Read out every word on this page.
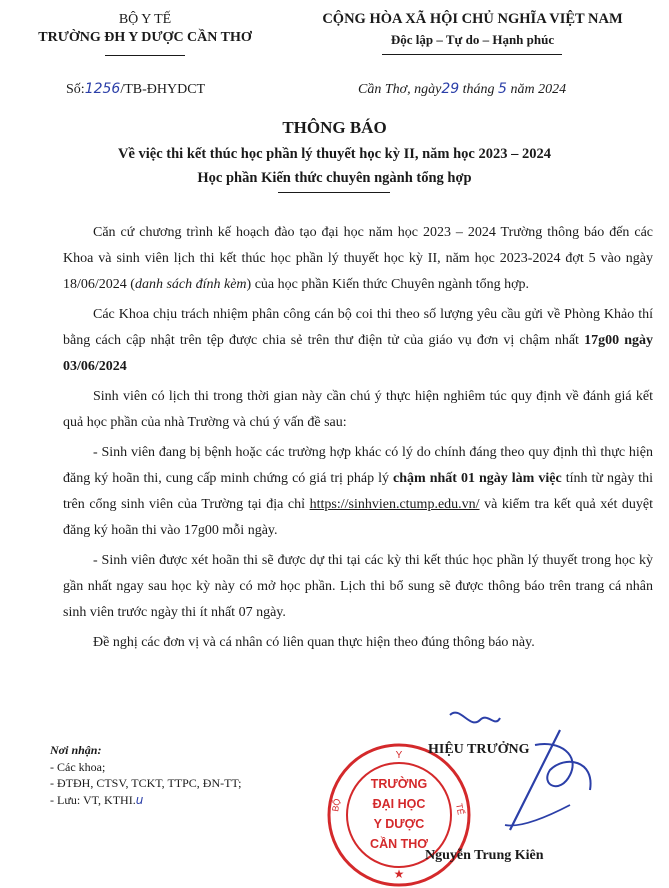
BỘ Y TẾ
TRƯỜNG ĐH Y DƯỢC CẦN THƠ
CỘNG HÒA XÃ HỘI CHỦ NGHĨA VIỆT NAM
Độc lập – Tự do – Hạnh phúc
Số:1256/TB-ĐHYDCT	Cần Thơ, ngày29 tháng 5 năm 2024
THÔNG BÁO
Về việc thi kết thúc học phần lý thuyết học kỳ II, năm học 2023 – 2024
Học phần Kiến thức chuyên ngành tổng hợp

Căn cứ chương trình kế hoạch đào tạo đại học năm học 2023 – 2024 Trường thông báo đến các Khoa và sinh viên lịch thi kết thúc học phần lý thuyết học kỳ II, năm học 2023-2024 đợt 5 vào ngày 18/06/2024 (danh sách đính kèm) của học phần Kiến thức Chuyên ngành tổng hợp.

Các Khoa chịu trách nhiệm phân công cán bộ coi thi theo số lượng yêu cầu gửi về Phòng Khảo thí bằng cách cập nhật trên tệp được chia sẻ trên thư điện tử của giáo vụ đơn vị chậm nhất 17g00 ngày 03/06/2024

Sinh viên có lịch thi trong thời gian này cần chú ý thực hiện nghiêm túc quy định về đánh giá kết quả học phần của nhà Trường và chú ý vấn đề sau:

- Sinh viên đang bị bệnh hoặc các trường hợp khác có lý do chính đáng theo quy định thì thực hiện đăng ký hoãn thi, cung cấp minh chứng có giá trị pháp lý chậm nhất 01 ngày làm việc tính từ ngày thi trên cổng sinh viên của Trường tại địa chỉ https://sinhvien.ctump.edu.vn/ và kiểm tra kết quả xét duyệt đăng ký hoãn thi vào 17g00 mỗi ngày.

- Sinh viên được xét hoãn thi sẽ được dự thi tại các kỳ thi kết thúc học phần lý thuyết trong học kỳ gần nhất ngay sau học kỳ này có mở học phần. Lịch thi bổ sung sẽ được thông báo trên trang cá nhân sinh viên trước ngày thi ít nhất 07 ngày.

Đề nghị các đơn vị và cá nhân có liên quan thực hiện theo đúng thông báo này.

Nơi nhận:
- Các khoa;
- ĐTĐH, CTSV, TCKT, TTPC, ĐN-TT;
- Lưu: VT, KTHI.u
Y
BỘ	TẾ
TRƯỜNG
ĐẠI HỌC
Y DƯỢC
CẦN THƠ
★
HIỆU TRƯỞNG
Nguyễn Trung Kiên
